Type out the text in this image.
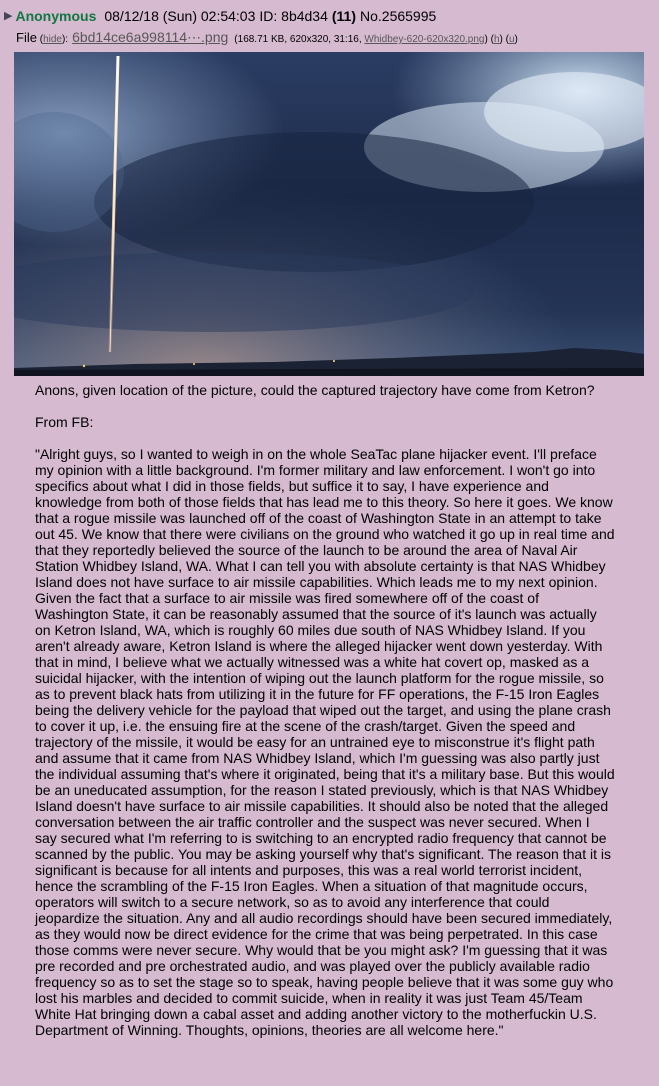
▶ Anonymous 08/12/18 (Sun) 02:54:03 ID: 8b4d34 (11) No.2565995
File (hide): 6bd14ce6a998114⋯.png (168.71 KB, 620x320, 31:16, Whidbey-620-620x320.png) (h) (u)

Anons, given location of the picture, could the captured trajectory have come from Ketron?

From FB:

"Alright guys, so I wanted to weigh in on the whole SeaTac plane hijacker event. I'll preface my opinion with a little background. I'm former military and law enforcement. I won't go into specifics about what I did in those fields, but suffice it to say, I have experience and knowledge from both of those fields that has lead me to this theory. So here it goes. We know that a rogue missile was launched off of the coast of Washington State in an attempt to take out 45. We know that there were civilians on the ground who watched it go up in real time and that they reportedly believed the source of the launch to be around the area of Naval Air Station Whidbey Island, WA. What I can tell you with absolute certainty is that NAS Whidbey Island does not have surface to air missile capabilities. Which leads me to my next opinion. Given the fact that a surface to air missile was fired somewhere off of the coast of Washington State, it can be reasonably assumed that the source of it's launch was actually on Ketron Island, WA, which is roughly 60 miles due south of NAS Whidbey Island. If you aren't already aware, Ketron Island is where the alleged hijacker went down yesterday. With that in mind, I believe what we actually witnessed was a white hat covert op, masked as a suicidal hijacker, with the intention of wiping out the launch platform for the rogue missile, so as to prevent black hats from utilizing it in the future for FF operations, the F-15 Iron Eagles being the delivery vehicle for the payload that wiped out the target, and using the plane crash to cover it up, i.e. the ensuing fire at the scene of the crash/target. Given the speed and trajectory of the missile, it would be easy for an untrained eye to misconstrue it's flight path and assume that it came from NAS Whidbey Island, which I'm guessing was also partly just the individual assuming that's where it originated, being that it's a military base. But this would be an uneducated assumption, for the reason I stated previously, which is that NAS Whidbey Island doesn't have surface to air missile capabilities. It should also be noted that the alleged conversation between the air traffic controller and the suspect was never secured. When I say secured what I'm referring to is switching to an encrypted radio frequency that cannot be scanned by the public. You may be asking yourself why that's significant. The reason that it is significant is because for all intents and purposes, this was a real world terrorist incident, hence the scrambling of the F-15 Iron Eagles. When a situation of that magnitude occurs, operators will switch to a secure network, so as to avoid any interference that could jeopardize the situation. Any and all audio recordings should have been secured immediately, as they would now be direct evidence for the crime that was being perpetrated. In this case those comms were never secure. Why would that be you might ask? I'm guessing that it was pre recorded and pre orchestrated audio, and was played over the publicly available radio frequency so as to set the stage so to speak, having people believe that it was some guy who lost his marbles and decided to commit suicide, when in reality it was just Team 45/Team White Hat bringing down a cabal asset and adding another victory to the motherfuckin U.S. Department of Winning. Thoughts, opinions, theories are all welcome here."
